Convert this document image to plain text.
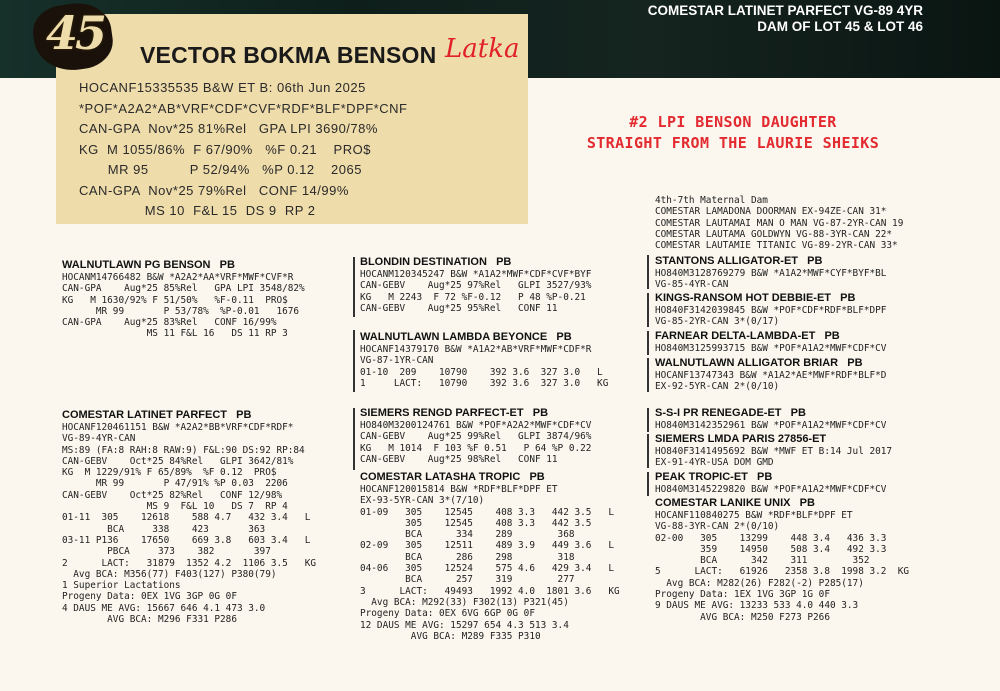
COMESTAR LATINET PARFECT VG-89 4YR
DAM OF LOT 45 & LOT 46
45 VECTOR BOKMA BENSON Latka
HOCANF15335535 B&W ET B: 06th Jun 2025
*POF*A2A2*AB*VRF*CDF*CVF*RDF*BLF*DPF*CNF
CAN-GPA  Nov*25 81%Rel   GPA LPI 3690/78%
KG  M 1055/86%  F 67/90%   %F 0.21    PRO$
MR 95          P 52/94%   %P 0.12    2065
CAN-GPA  Nov*25 79%Rel   CONF 14/99%
MS 10  F&L 15  DS 9  RP 2
#2 LPI BENSON DAUGHTER
STRAIGHT FROM THE LAURIE SHEIKS
WALNUTLAWN PG BENSON   PB
HOCANM14766482 B&W *A2A2*AA*VRF*MWF*CVF*R
CAN-GPA    Aug*25 85%Rel   GPA LPI 3548/82%
KG   M 1630/92% F 51/50%   %F-0.11  PRO$
MR 99       P 53/78%  %P-0.01   1676
CAN-GPA    Aug*25 83%Rel   CONF 16/99%
MS 11 F&L 16   DS 11 RP 3
COMESTAR LATINET PARFECT   PB
HOCANF120461151 B&W *A2A2*BB*VRF*CDF*RDF*
VG-89-4YR-CAN
MS:89 (FA:8 RAH:8 RAW:9) F&L:90 DS:92 RP:84
CAN-GEBV    Oct*25 84%Rel   GLPI 3642/81%
KG  M 1229/91% F 65/89%  %F 0.12  PRO$
MR 99       P 47/91% %P 0.03  2206
CAN-GEBV    Oct*25 82%Rel   CONF 12/98%
MS 9  F&L 10   DS 7  RP 4
01-11  305    12618    588 4.7   432 3.4   L
BCA     338    423       363
03-11 P136    17650    669 3.8   603 3.4   L
PBCA     373    382       397
2      LACT:   31879  1352 4.2  1106 3.5   KG
Avg BCA: M356(77) F403(127) P380(79)
1 Superior Lactations
Progeny Data: 0EX 1VG 3GP 0G 0F
4 DAUS ME AVG: 15667 646 4.1 473 3.0
AVG BCA: M296 F331 P286
BLONDIN DESTINATION   PB
HOCANM120345247 B&W *A1A2*MWF*CDF*CVF*BYF
CAN-GEBV    Aug*25 97%Rel   GLPI 3527/93%
KG   M 2243  F 72 %F-0.12   P 48 %P-0.21
CAN-GEBV    Aug*25 95%Rel   CONF 11
WALNUTLAWN LAMBDA BEYONCE   PB
HOCANF14379170 B&W *A1A2*AB*VRF*MWF*CDF*R
VG-87-1YR-CAN
01-10  209    10790    392 3.6  327 3.0   L
1     LACT:   10790    392 3.6  327 3.0   KG
SIEMERS RENGD PARFECT-ET   PB
HO840M3200124761 B&W *POF*A2A2*MWF*CDF*CV
CAN-GEBV    Aug*25 99%Rel   GLPI 3874/96%
KG   M 1014  F 103 %F 0.51   P 64 %P 0.22
CAN-GEBV    Aug*25 98%Rel   CONF 11
COMESTAR LATASHA TROPIC   PB
HOCANF120015814 B&W *RDF*BLF*DPF ET
EX-93-5YR-CAN 3*(7/10)
01-09   305    12545    408 3.3   442 3.5   L
305    12545    408 3.3   442 3.5
BCA      334    289        368
02-09   305    12511    489 3.9   449 3.6   L
BCA      286    298        318
04-06   305    12524    575 4.6   429 3.4   L
BCA      257    319        277
3      LACT:   49493   1992 4.0  1801 3.6   KG
Avg BCA: M292(33) F302(13) P321(45)
Progeny Data: 0EX 6VG 6GP 0G 0F
12 DAUS ME AVG: 15297 654 4.3 513 3.4
AVG BCA: M289 F335 P310
4th-7th Maternal Dam
COMESTAR LAMADONA DOORMAN EX-94ZE-CAN 31*
COMESTAR LAUTAMAI MAN O MAN VG-87-2YR-CAN 19
COMESTAR LAUTAMA GOLDWYN VG-88-3YR-CAN 22*
COMESTAR LAUTAMIE TITANIC VG-89-2YR-CAN 33*
STANTONS ALLIGATOR-ET   PB
HO840M3128769279 B&W *A1A2*MWF*CYF*BYF*BL
VG-85-4YR-CAN
KINGS-RANSOM HOT DEBBIE-ET   PB
HO840F3142039845 B&W *POF*CDF*RDF*BLF*DPF
VG-85-2YR-CAN 3*(0/17)
FARNEAR DELTA-LAMBDA-ET   PB
HO840M3125993715 B&W *POF*A1A2*MWF*CDF*CV
WALNUTLAWN ALLIGATOR BRIAR   PB
HOCANF13747343 B&W *A1A2*AE*MWF*RDF*BLF*D
EX-92-5YR-CAN 2*(0/10)
S-S-I PR RENEGADE-ET   PB
HO840M3142352961 B&W *POF*A1A2*MWF*CDF*CV
SIEMERS LMDA PARIS 27856-ET
HO840F3141495692 B&W *MWF ET B:14 Jul 2017
EX-91-4YR-USA DOM GMD
PEAK TROPIC-ET   PB
HO840M3145229820 B&W *POF*A1A2*MWF*CDF*CV
COMESTAR LANIKE UNIX   PB
HOCANF110840275 B&W *RDF*BLF*DPF ET
VG-88-3YR-CAN 2*(0/10)
02-00   305    13299    448 3.4   436 3.3
359    14950    508 3.4   492 3.3
BCA      342    311        352
5      LACT:   61926   2358 3.8  1998 3.2  KG
Avg BCA: M282(26) F282(-2) P285(17)
Progeny Data: 1EX 1VG 3GP 1G 0F
9 DAUS ME AVG: 13233 533 4.0 440 3.3
AVG BCA: M250 F273 P266
